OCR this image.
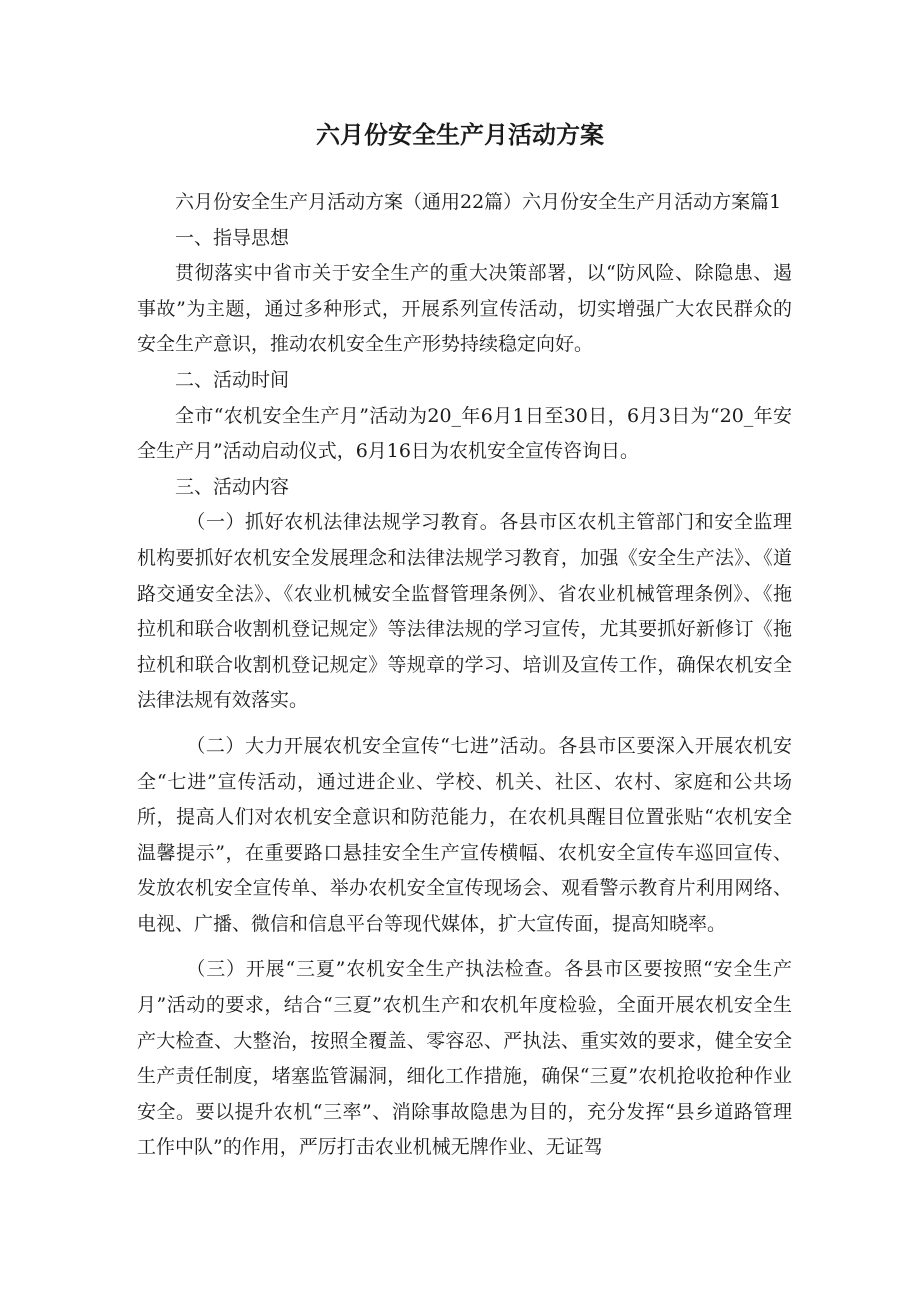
六月份安全生产月活动方案

六月份安全生产月活动方案（通用22篇）六月份安全生产月活动方案篇1

一、指导思想

贯彻落实中省市关于安全生产的重大决策部署，以“防风险、除隐患、遏事故”为主题，通过多种形式，开展系列宣传活动，切实增强广大农民群众的安全生产意识，推动农机安全生产形势持续稳定向好。

二、活动时间

全市“农机安全生产月”活动为20_年6月1日至30日，6月3日为“20_年安全生产月”活动启动仪式，6月16日为农机安全宣传咨询日。

三、活动内容

（一）抓好农机法律法规学习教育。各县市区农机主管部门和安全监理机构要抓好农机安全发展理念和法律法规学习教育，加强《安全生产法》、《道路交通安全法》、《农业机械安全监督管理条例》、省农业机械管理条例》、《拖拉机和联合收割机登记规定》等法律法规的学习宣传，尤其要抓好新修订《拖拉机和联合收割机登记规定》等规章的学习、培训及宣传工作，确保农机安全法律法规有效落实。

（二）大力开展农机安全宣传“七进”活动。各县市区要深入开展农机安全“七进”宣传活动，通过进企业、学校、机关、社区、农村、家庭和公共场所，提高人们对农机安全意识和防范能力，在农机具醒目位置张贴“农机安全温馨提示”，在重要路口悬挂安全生产宣传横幅、农机安全宣传车巡回宣传、发放农机安全宣传单、举办农机安全宣传现场会、观看警示教育片利用网络、电视、广播、微信和信息平台等现代媒体，扩大宣传面，提高知晓率。

（三）开展“三夏”农机安全生产执法检查。各县市区要按照“安全生产月”活动的要求，结合“三夏”农机生产和农机年度检验，全面开展农机安全生产大检查、大整治，按照全覆盖、零容忍、严执法、重实效的要求，健全安全生产责任制度，堵塞监管漏洞，细化工作措施，确保“三夏”农机抢收抢种作业安全。要以提升农机“三率”、消除事故隐患为目的，充分发挥“县乡道路管理工作中队”的作用，严厉打击农业机械无牌作业、无证驾
